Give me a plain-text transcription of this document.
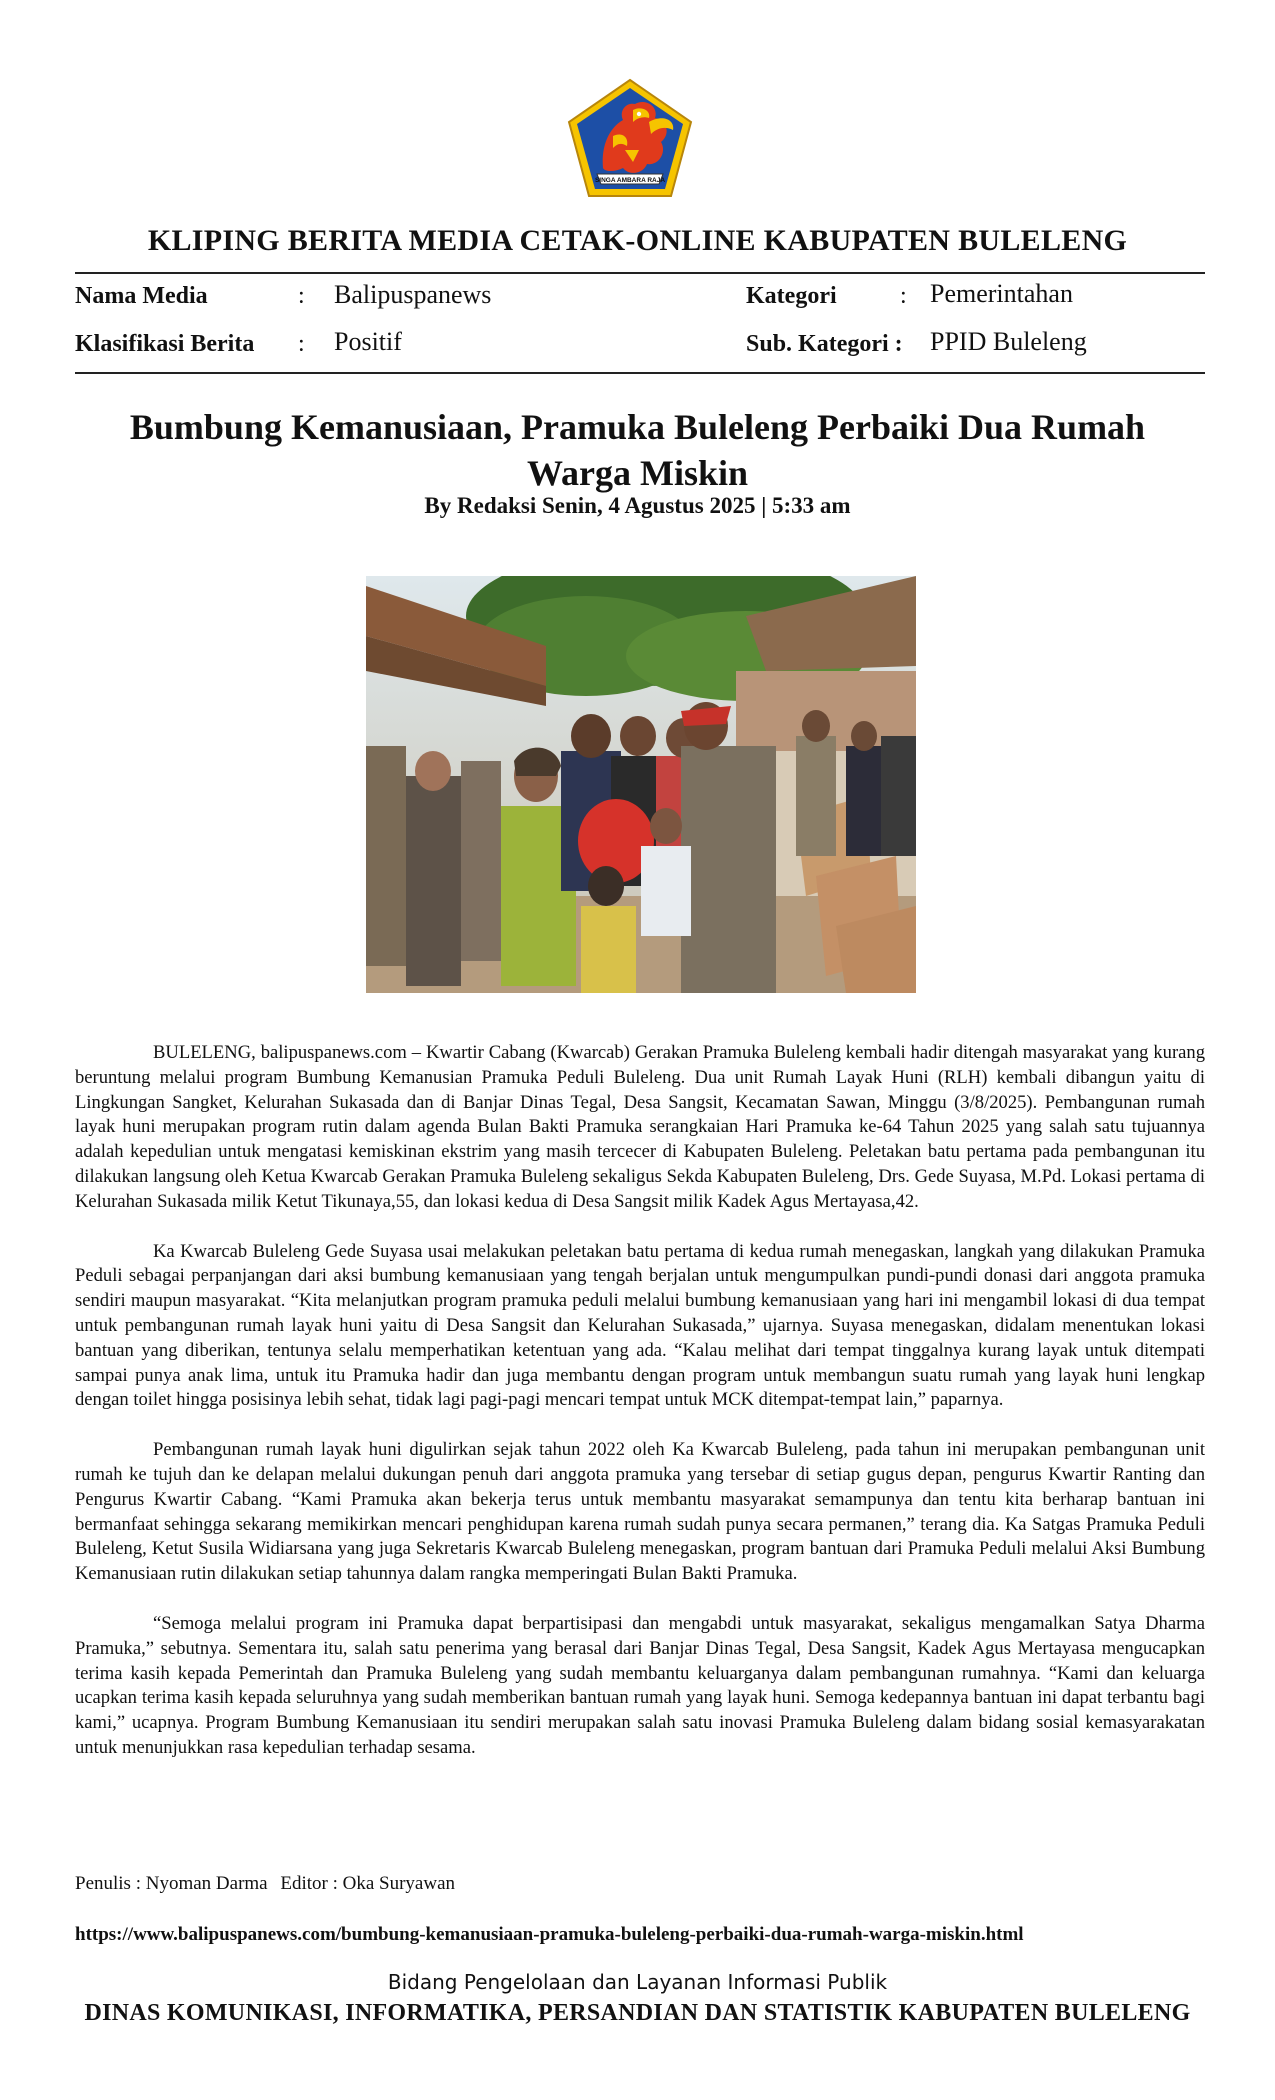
SINGA AMBARA RAJA
KLIPING BERITA MEDIA CETAK-ONLINE KABUPATEN BULELENG
Nama Media	: Balipuspanews	Kategori	: Pemerintahan
Klasifikasi Berita : Positif	Sub. Kategori : PPID Buleleng
Bumbung Kemanusiaan, Pramuka Buleleng Perbaiki Dua Rumah Warga Miskin
By Redaksi Senin, 4 Agustus 2025 | 5:33 am

BULELENG, balipuspanews.com – Kwartir Cabang (Kwarcab) Gerakan Pramuka Buleleng kembali hadir ditengah masyarakat yang kurang beruntung melalui program Bumbung Kemanusian Pramuka Peduli Buleleng. Dua unit Rumah Layak Huni (RLH) kembali dibangun yaitu di Lingkungan Sangket, Kelurahan Sukasada dan di Banjar Dinas Tegal, Desa Sangsit, Kecamatan Sawan, Minggu (3/8/2025). Pembangunan rumah layak huni merupakan program rutin dalam agenda Bulan Bakti Pramuka serangkaian Hari Pramuka ke-64 Tahun 2025 yang salah satu tujuannya adalah kepedulian untuk mengatasi kemiskinan ekstrim yang masih tercecer di Kabupaten Buleleng. Peletakan batu pertama pada pembangunan itu dilakukan langsung oleh Ketua Kwarcab Gerakan Pramuka Buleleng sekaligus Sekda Kabupaten Buleleng, Drs. Gede Suyasa, M.Pd. Lokasi pertama di Kelurahan Sukasada milik Ketut Tikunaya,55, dan lokasi kedua di Desa Sangsit milik Kadek Agus Mertayasa,42.

Ka Kwarcab Buleleng Gede Suyasa usai melakukan peletakan batu pertama di kedua rumah menegaskan, langkah yang dilakukan Pramuka Peduli sebagai perpanjangan dari aksi bumbung kemanusiaan yang tengah berjalan untuk mengumpulkan pundi-pundi donasi dari anggota pramuka sendiri maupun masyarakat. “Kita melanjutkan program pramuka peduli melalui bumbung kemanusiaan yang hari ini mengambil lokasi di dua tempat untuk pembangunan rumah layak huni yaitu di Desa Sangsit dan Kelurahan Sukasada,” ujarnya. Suyasa menegaskan, didalam menentukan lokasi bantuan yang diberikan, tentunya selalu memperhatikan ketentuan yang ada. “Kalau melihat dari tempat tinggalnya kurang layak untuk ditempati sampai punya anak lima, untuk itu Pramuka hadir dan juga membantu dengan program untuk membangun suatu rumah yang layak huni lengkap dengan toilet hingga posisinya lebih sehat, tidak lagi pagi-pagi mencari tempat untuk MCK ditempat-tempat lain,” paparnya.

Pembangunan rumah layak huni digulirkan sejak tahun 2022 oleh Ka Kwarcab Buleleng, pada tahun ini merupakan pembangunan unit rumah ke tujuh dan ke delapan melalui dukungan penuh dari anggota pramuka yang tersebar di setiap gugus depan, pengurus Kwartir Ranting dan Pengurus Kwartir Cabang. “Kami Pramuka akan bekerja terus untuk membantu masyarakat semampunya dan tentu kita berharap bantuan ini bermanfaat sehingga sekarang memikirkan mencari penghidupan karena rumah sudah punya secara permanen,” terang dia. Ka Satgas Pramuka Peduli Buleleng, Ketut Susila Widiarsana yang juga Sekretaris Kwarcab Buleleng menegaskan, program bantuan dari Pramuka Peduli melalui Aksi Bumbung Kemanusiaan rutin dilakukan setiap tahunnya dalam rangka memperingati Bulan Bakti Pramuka.

“Semoga melalui program ini Pramuka dapat berpartisipasi dan mengabdi untuk masyarakat, sekaligus mengamalkan Satya Dharma Pramuka,” sebutnya. Sementara itu, salah satu penerima yang berasal dari Banjar Dinas Tegal, Desa Sangsit, Kadek Agus Mertayasa mengucapkan terima kasih kepada Pemerintah dan Pramuka Buleleng yang sudah membantu keluarganya dalam pembangunan rumahnya. “Kami dan keluarga ucapkan terima kasih kepada seluruhnya yang sudah memberikan bantuan rumah yang layak huni. Semoga kedepannya bantuan ini dapat terbantu bagi kami,” ucapnya. Program Bumbung Kemanusiaan itu sendiri merupakan salah satu inovasi Pramuka Buleleng dalam bidang sosial kemasyarakatan untuk menunjukkan rasa kepedulian terhadap sesama.

Penulis : Nyoman Darma Editor : Oka Suryawan
https://www.balipuspanews.com/bumbung-kemanusiaan-pramuka-buleleng-perbaiki-dua-rumah-warga-miskin.html
Bidang Pengelolaan dan Layanan Informasi Publik
DINAS KOMUNIKASI, INFORMATIKA, PERSANDIAN DAN STATISTIK KABUPATEN BULELENG
